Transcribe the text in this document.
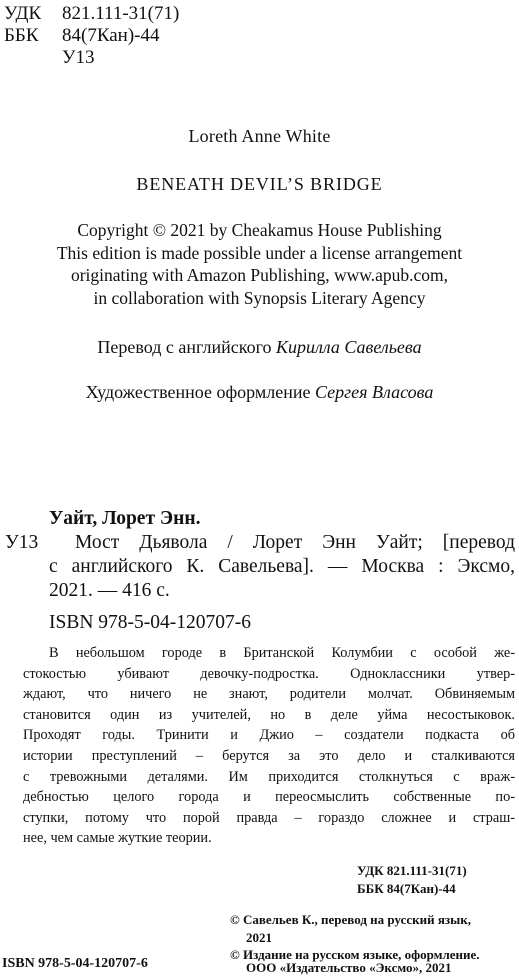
УДК 821.111-31(71)
ББК 84(7Кан)-44
У13
Loreth Anne White
BENEATH DEVIL’S BRIDGE
Copyright © 2021 by Cheakamus House Publishing
This edition is made possible under a license arrangement
originating with Amazon Publishing, www.apub.com,
in collaboration with Synopsis Literary Agency
Перевод с английского Кирилла Савельева
Художественное оформление Сергея Власова
Уайт, Лорет Энн.
У13 Мост Дьявола / Лорет Энн Уайт; [перевод
с английского К. Савельева]. — Москва : Эксмо,
2021. — 416 с.
ISBN 978-5-04-120707-6
В небольшом городе в Британской Колумбии с особой же-
стокостью убивают девочку-подростка. Одноклассники утвер-
ждают, что ничего не знают, родители молчат. Обвиняемым
становится один из учителей, но в деле уйма несостыковок.
Проходят годы. Тринити и Джио – создатели подкаста об
истории преступлений – берутся за это дело и сталкиваются
с тревожными деталями. Им приходится столкнуться с враж-
дебностью целого города и переосмыслить собственные по-
ступки, потому что порой правда – гораздо сложнее и страш-
нее, чем самые жуткие теории.
УДК 821.111-31(71)
ББК 84(7Кан)-44
© Савельев К., перевод на русский язык,
2021
© Издание на русском языке, оформление.
ISBN 978-5-04-120707-6	ООО «Издательство «Эксмо», 2021
